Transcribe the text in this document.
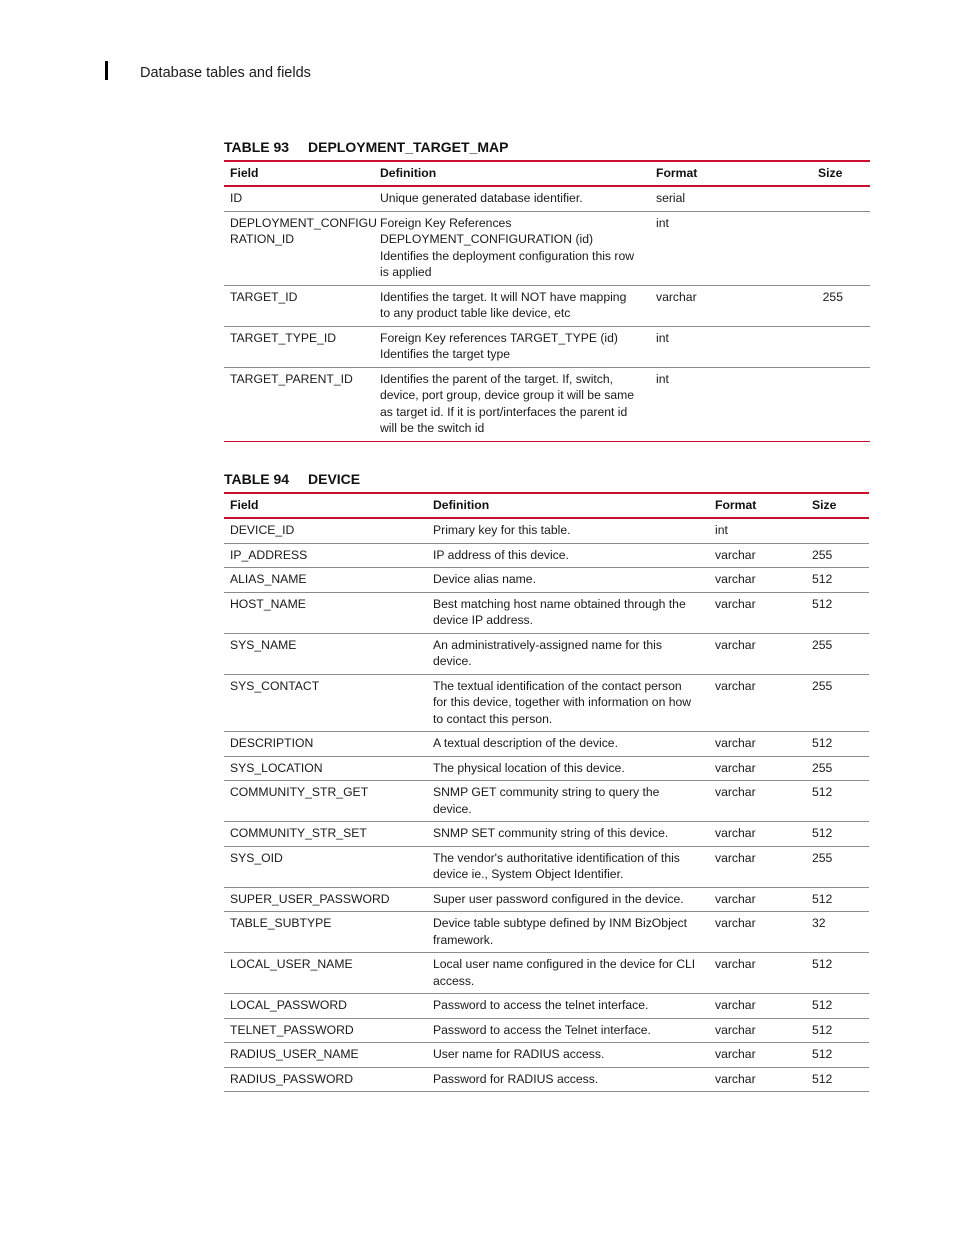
Database tables and fields
TABLE 93 DEPLOYMENT_TARGET_MAP
Field	Definition	Format	Size

ID	Unique generated database identifier.	serial	

DEPLOYMENT_CONFIGU
RATION_ID	Foreign Key References
DEPLOYMENT_CONFIGURATION (id)
Identifies the deployment configuration this row
is applied	int	

TARGET_ID	Identifies the target. It will NOT have mapping
to any product table like device, etc	varchar	255

TARGET_TYPE_ID	Foreign Key references TARGET_TYPE (id)
Identifies the target type	int	

TARGET_PARENT_ID	Identifies the parent of the target. If, switch,
device, port group, device group it will be same
as target id. If it is port/interfaces the parent id
will be the switch id	int	
TABLE 94 DEVICE
Field	Definition	Format	Size
DEVICE_ID	Primary key for this table.	int	
IP_ADDRESS	IP address of this device.	varchar	255
ALIAS_NAME	Device alias name.	varchar	512
HOST_NAME	Best matching host name obtained through the
device IP address.	varchar	512
SYS_NAME	An administratively-assigned name for this
device.	varchar	255
SYS_CONTACT	The textual identification of the contact person
for this device, together with information on how
to contact this person.	varchar	255
DESCRIPTION	A textual description of the device.	varchar	512
SYS_LOCATION	The physical location of this device.	varchar	255
COMMUNITY_STR_GET	SNMP GET community string to query the
device.	varchar	512
COMMUNITY_STR_SET	SNMP SET community string of this device.	varchar	512
SYS_OID	The vendor's authoritative identification of this
device ie., System Object Identifier.	varchar	255
SUPER_USER_PASSWORD	Super user password configured in the device.	varchar	512
TABLE_SUBTYPE	Device table subtype defined by INM BizObject
framework.	varchar	32
LOCAL_USER_NAME	Local user name configured in the device for CLI
access.	varchar	512
LOCAL_PASSWORD	Password to access the telnet interface.	varchar	512
TELNET_PASSWORD	Password to access the Telnet interface.	varchar	512
RADIUS_USER_NAME	User name for RADIUS access.	varchar	512
RADIUS_PASSWORD	Password for RADIUS access.	varchar	512
